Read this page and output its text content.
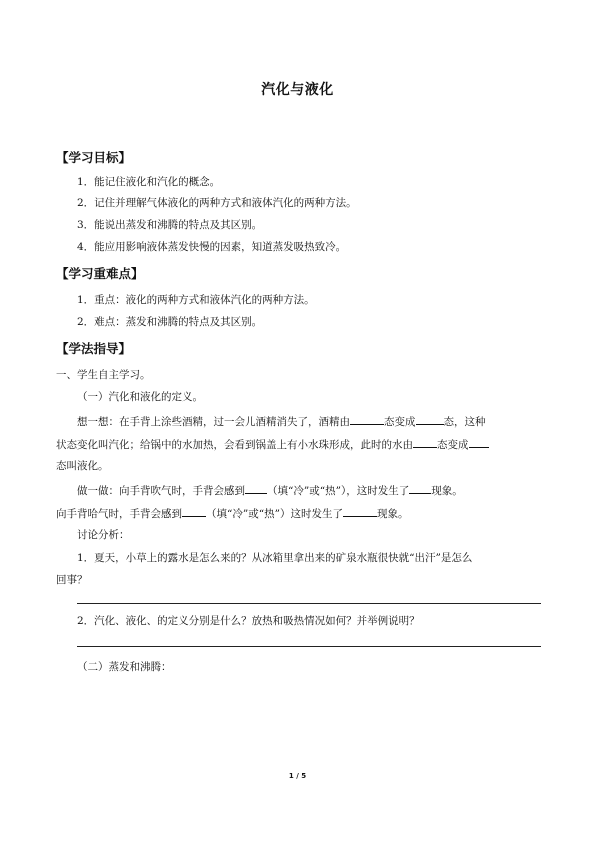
汽化与液化
【学习目标】
1．能记住液化和汽化的概念。
2．记住并理解气体液化的两种方式和液体汽化的两种方法。
3．能说出蒸发和沸腾的特点及其区别。
4．能应用影响液体蒸发快慢的因素，知道蒸发吸热致冷。
【学习重难点】
1．重点：液化的两种方式和液体汽化的两种方法。
2．难点：蒸发和沸腾的特点及其区别。
【学法指导】
一、学生自主学习。
（一）汽化和液化的定义。
想一想：在手背上涂些酒精，过一会儿酒精消失了，酒精由	态变成	态，这种
状态变化叫汽化；给锅中的水加热，会看到锅盖上有小水珠形成，此时的水由 态变成
态叫液化。
做一做：向手背吹气时，手背会感到 （填“冷”或“热”），这时发生了 现象。
向手背哈气时，手背会感到 （填“冷”或“热”）这时发生了	现象。
讨论分析：
1．夏天，小草上的露水是怎么来的？从冰箱里拿出来的矿泉水瓶很快就“出汗”是怎么
回事？
2．汽化、液化、的定义分别是什么？放热和吸热情况如何？并举例说明？
（二）蒸发和沸腾：
1 / 5
